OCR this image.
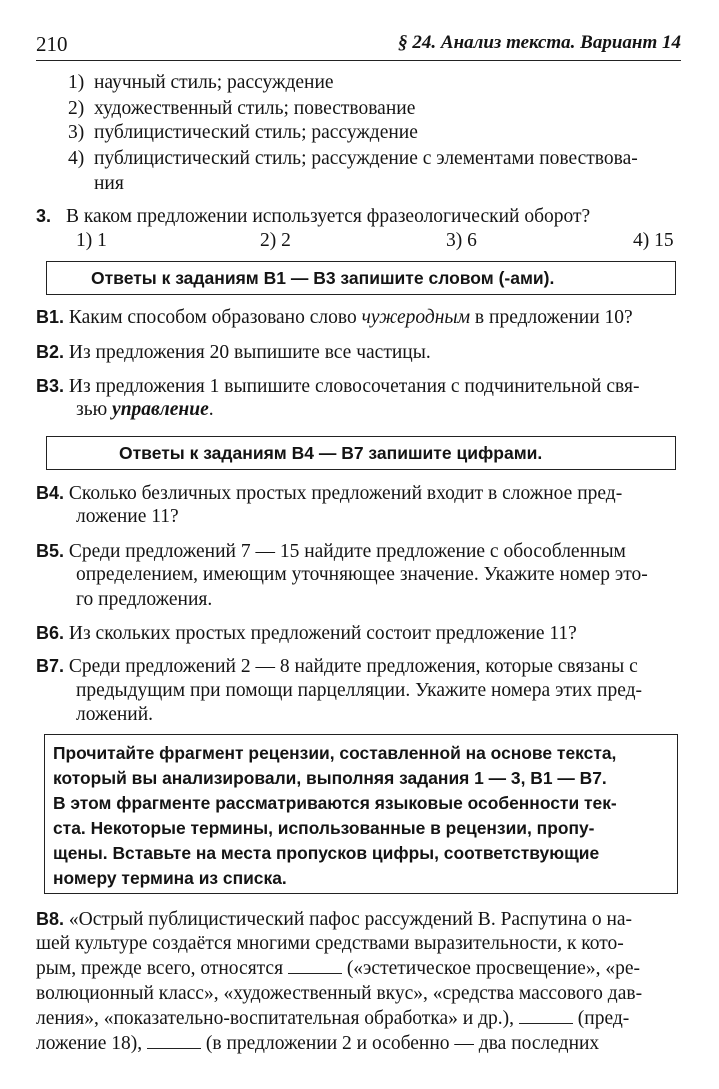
210	§ 24. Анализ текста. Вариант 14
1) научный стиль; рассуждение
2) художественный стиль; повествование
3) публицистический стиль; рассуждение
4) публицистический стиль; рассуждение с элементами повествова-
ния
3. В каком предложении используется фразеологический оборот?
1) 1	2) 2	3) 6	4) 15
Ответы к заданиям В1 — В3 запишите словом (-ами).
В1. Каким способом образовано слово чужеродным в предложении 10?
В2. Из предложения 20 выпишите все частицы.
В3. Из предложения 1 выпишите словосочетания с подчинительной свя-
зью управление.
Ответы к заданиям В4 — В7 запишите цифрами.
В4. Сколько безличных простых предложений входит в сложное пред-
ложение 11?
В5. Среди предложений 7 — 15 найдите предложение с обособленным
определением, имеющим уточняющее значение. Укажите номер это-
го предложения.
В6. Из скольких простых предложений состоит предложение 11?
В7. Среди предложений 2 — 8 найдите предложения, которые связаны с
предыдущим при помощи парцелляции. Укажите номера этих пред-
ложений.
Прочитайте фрагмент рецензии, составленной на основе текста,
который вы анализировали, выполняя задания 1 — 3, В1 — В7.
В этом фрагменте рассматриваются языковые особенности тек-
ста. Некоторые термины, использованные в рецензии, пропу-
щены. Вставьте на места пропусков цифры, соответствующие
номеру термина из списка.
В8. «Острый публицистический пафос рассуждений В. Распутина о на-
шей культуре создаётся многими средствами выразительности, к кото-
рым, прежде всего, относятся	(«эстетическое просвещение», «ре-
волюционный класс», «художественный вкус», «средства массового дав-
ления», «показательно-воспитательная обработка» и др.),	(пред-
ложение 18),	(в предложении 2 и особенно — два последних
